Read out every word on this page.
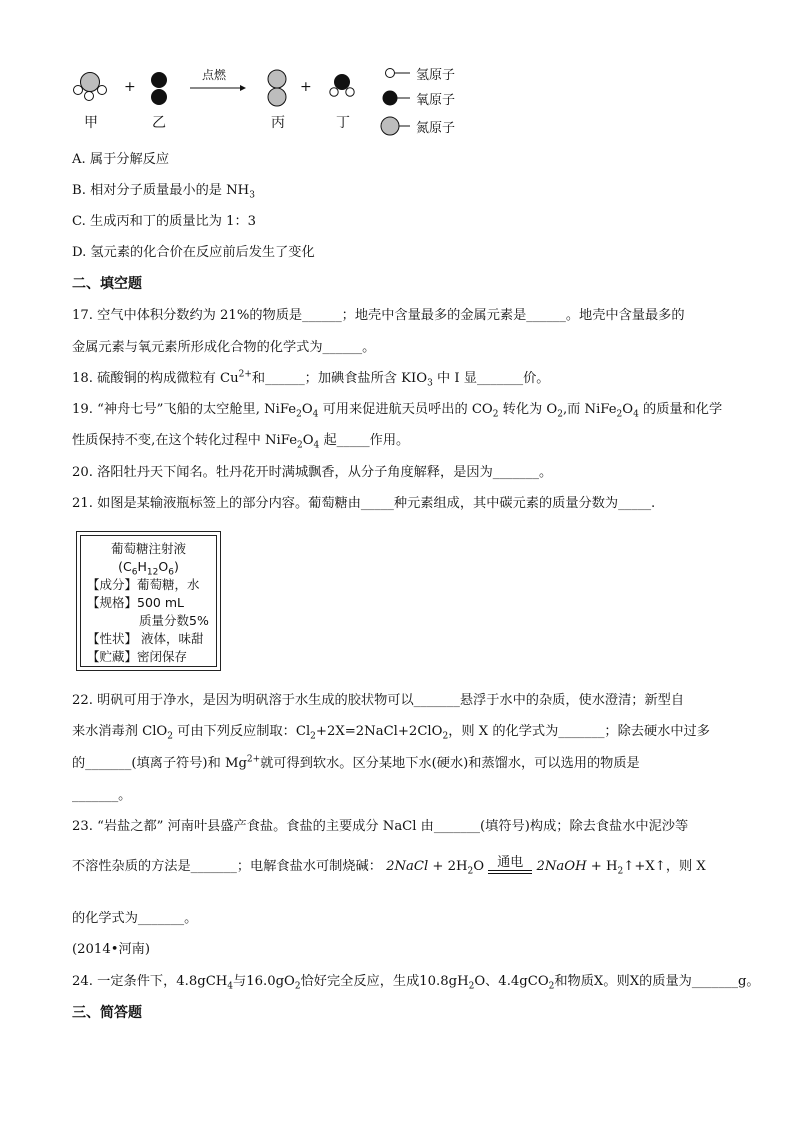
甲
+
乙
点燃
丙
+
丁
氢原子
氧原子
氮原子
A. 属于分解反应
B. 相对分子质量最小的是 $NH_3$
C. 生成丙和丁的质量比为 1：3
D. 氢元素的化合价在反应前后发生了变化
二、填空题
17. 空气中体积分数约为 21%的物质是______；地壳中含量最多的金属元素是______。地壳中含量最多的
金属元素与氧元素所形成化合物的化学式为______。
18. 硫酸铜的构成微粒有 $Cu^{2+}$和______；加碘食盐所含 $KIO_3$ 中 I 显_______价。
19. “神舟七号”飞船的太空舱里, $NiFe_2O_4$ 可用来促进航天员呼出的 $CO_2$ 转化为 $O_2$,而 $NiFe_2O_4$ 的质量和化学
性质保持不变,在这个转化过程中 $NiFe_2O_4$ 起_____作用。
20. 洛阳牡丹天下闻名。牡丹花开时满城飘香，从分子角度解释，是因为_______。
21. 如图是某输液瓶标签上的部分内容。葡萄糖由_____种元素组成，其中碳元素的质量分数为_____.
葡萄糖注射液
$(C_6H_{12}O_6)$
【成分】葡萄糖，水
【规格】500 mL
质量分数5%
【性状】 液体，味甜
【贮藏】密闭保存
22. 明矾可用于净水，是因为明矾溶于水生成的胶状物可以_______悬浮于水中的杂质，使水澄清；新型自
来水消毒剂 ClO$_2$ 可由下列反应制取：$Cl_2+2X=2NaCl+2ClO_2$，则 X 的化学式为_______；除去硬水中过多
的_______(填离子符号)和 $Mg^{2+}$就可得到软水。区分某地下水(硬水)和蒸馏水，可以选用的物质是
_______。
23. “岩盐之都” 河南叶县盛产食盐。食盐的主要成分 NaCl 由_______(填符号)构成；除去食盐水中泥沙等
不溶性杂质的方法是_______；电解食盐水可制烧碱： 2NaCl + $2H_2O$	通电	2NaOH + $H_2↑+X↑$，则 X
的化学式为_______。
(2014•河南)
24. 一定条件下，4.8gCH$_4$与$16.0gO_2$恰好完全反应，生成$10.8gH_2O$、4.4gCO$_2$和物质X。则X的质量为_______g。
三、简答题
